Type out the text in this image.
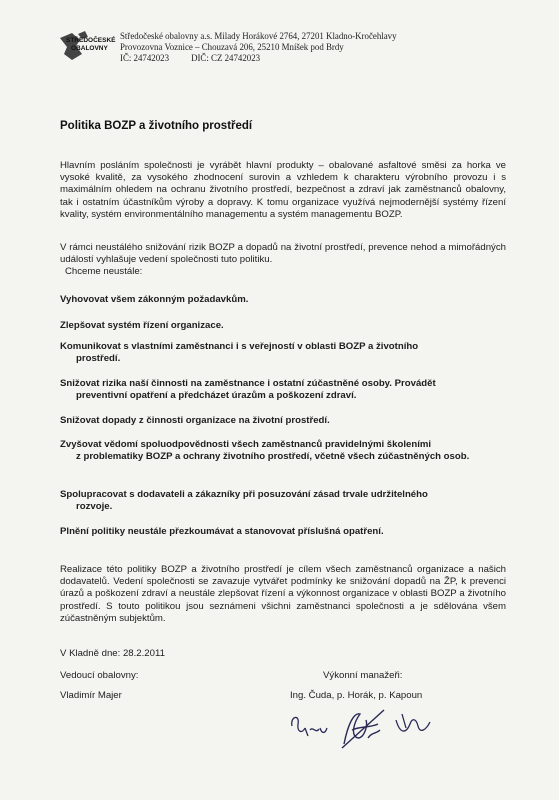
STŘEDOČESKÉ
OBALOVNY
Středočeské obalovny a.s. Milady Horákové 2764, 27201 Kladno-Kročehlavy
Provozovna Voznice – Chouzavá 206, 25210 Mníšek pod Brdy
IČ: 24742023 DIČ: CZ 24742023
Politika BOZP a životního prostředí
Hlavním posláním společnosti je vyrábět hlavní produkty – obalované asfaltové směsi za horka ve vysoké kvalitě, za vysokého zhodnocení surovin a vzhledem k charakteru výrobního provozu i s maximálním ohledem na ochranu životního prostředí, bezpečnost a zdraví jak zaměstnanců obalovny, tak i ostatním účastníkům výroby a dopravy. K tomu organizace využívá nejmodernější systémy řízení kvality, systém environmentálního managementu a systém managementu BOZP.
V rámci neustálého snižování rizik BOZP a dopadů na životní prostředí, prevence nehod a mimořádných událostí vyhlašuje vedení společnosti tuto politiku.
Chceme neustále:
Vyhovovat všem zákonným požadavkům.
Zlepšovat systém řízení organizace.
Komunikovat s vlastními zaměstnanci i s veřejností v oblasti BOZP a životního
prostředí.
Snižovat rizika naší činnosti na zaměstnance i ostatní zúčastněné osoby. Provádět
preventivní opatření a předcházet úrazům a poškození zdraví.
Snižovat dopady z činnosti organizace na životní prostředí.
Zvyšovat vědomí spoluodpovědnosti všech zaměstnanců pravidelnými školeními
z problematiky BOZP a ochrany životního prostředí, včetně všech zúčastněných osob.
Spolupracovat s dodavateli a zákazníky při posuzování zásad trvale udržitelného
rozvoje.
Plnění politiky neustále přezkoumávat a stanovovat příslušná opatření.
Realizace této politiky BOZP a životního prostředí je cílem všech zaměstnanců organizace a našich dodavatelů. Vedení společnosti se zavazuje vytvářet podmínky ke snižování dopadů na ŽP, k prevenci úrazů a poškození zdraví a neustále zlepšovat řízení a výkonnost organizace v oblasti BOZP a životního prostředí. S touto politikou jsou seznámeni všichni zaměstnanci společnosti a je sdělována všem zúčastněným subjektům.
V Kladně dne: 28.2.2011
Vedoucí obalovny:
Vladimír Majer
Výkonní manažeři:
Ing. Čuda, p. Horák, p. Kapoun
